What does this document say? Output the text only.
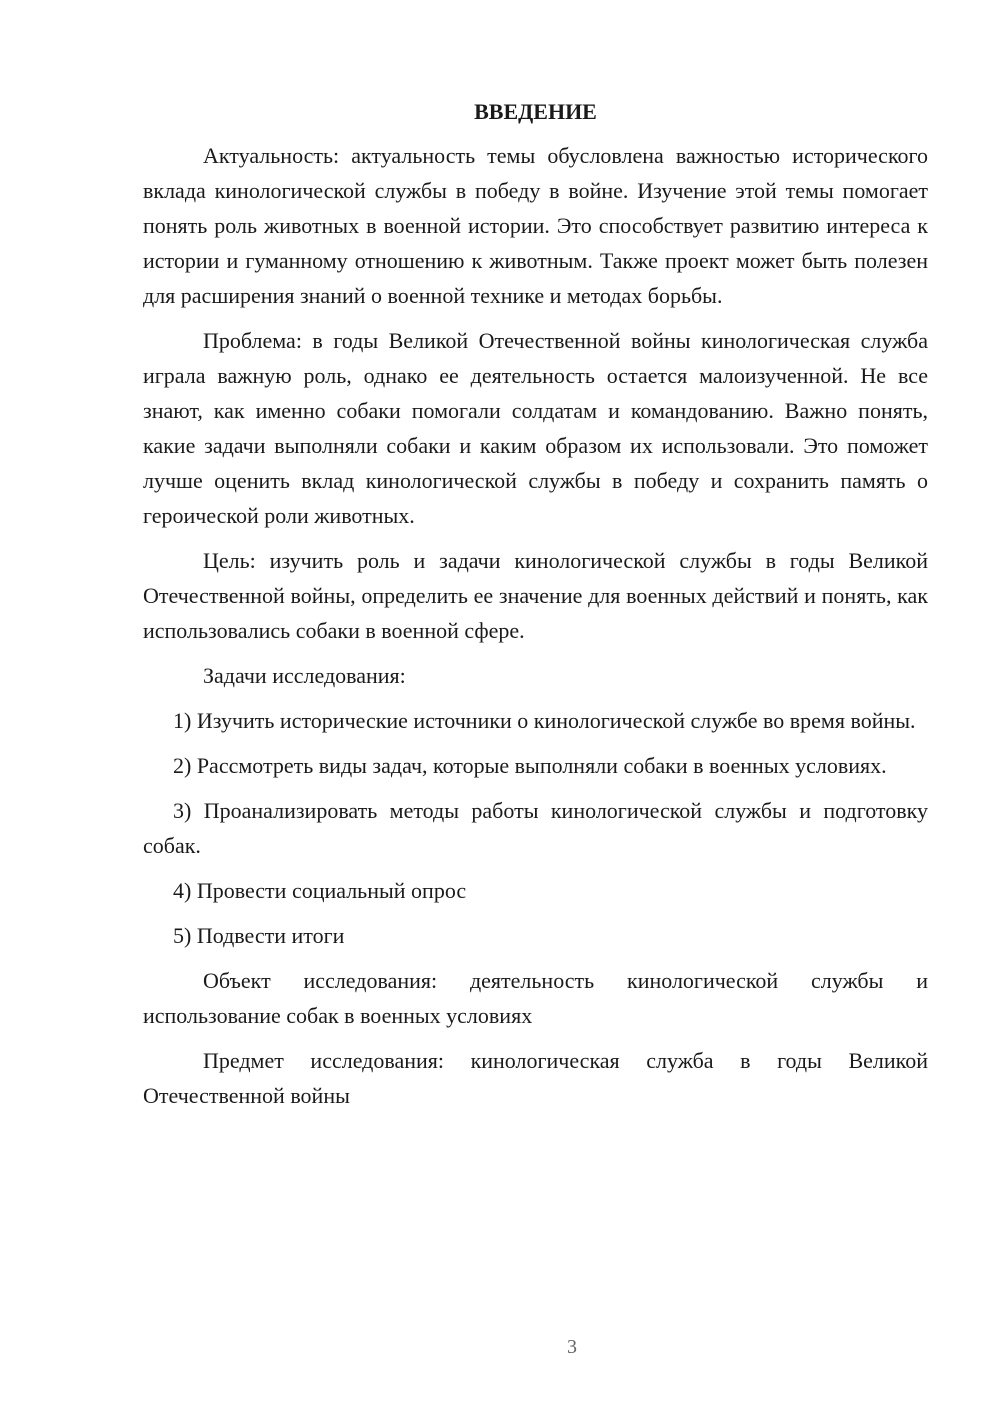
ВВЕДЕНИЕ

Актуальность: актуальность темы обусловлена важностью исторического вклада кинологической службы в победу в войне. Изучение этой темы помогает понять роль животных в военной истории. Это способствует развитию интереса к истории и гуманному отношению к животным. Также проект может быть полезен для расширения знаний о военной технике и методах борьбы.

Проблема: в годы Великой Отечественной войны кинологическая служба играла важную роль, однако ее деятельность остается малоизученной. Не все знают, как именно собаки помогали солдатам и командованию. Важно понять, какие задачи выполняли собаки и каким образом их использовали. Это поможет лучше оценить вклад кинологической службы в победу и сохранить память о героической роли животных.

Цель: изучить роль и задачи кинологической службы в годы Великой Отечественной войны, определить ее значение для военных действий и понять, как использовались собаки в военной сфере.

Задачи исследования:

1) Изучить исторические источники о кинологической службе во время войны.

2) Рассмотреть виды задач, которые выполняли собаки в военных условиях.

3) Проанализировать методы работы кинологической службы и подготовку собак.

4) Провести социальный опрос

5) Подвести итоги

Объект исследования: деятельность кинологической службы и использование собак в военных условиях

Предмет исследования: кинологическая служба в годы Великой Отечественной войны

3
